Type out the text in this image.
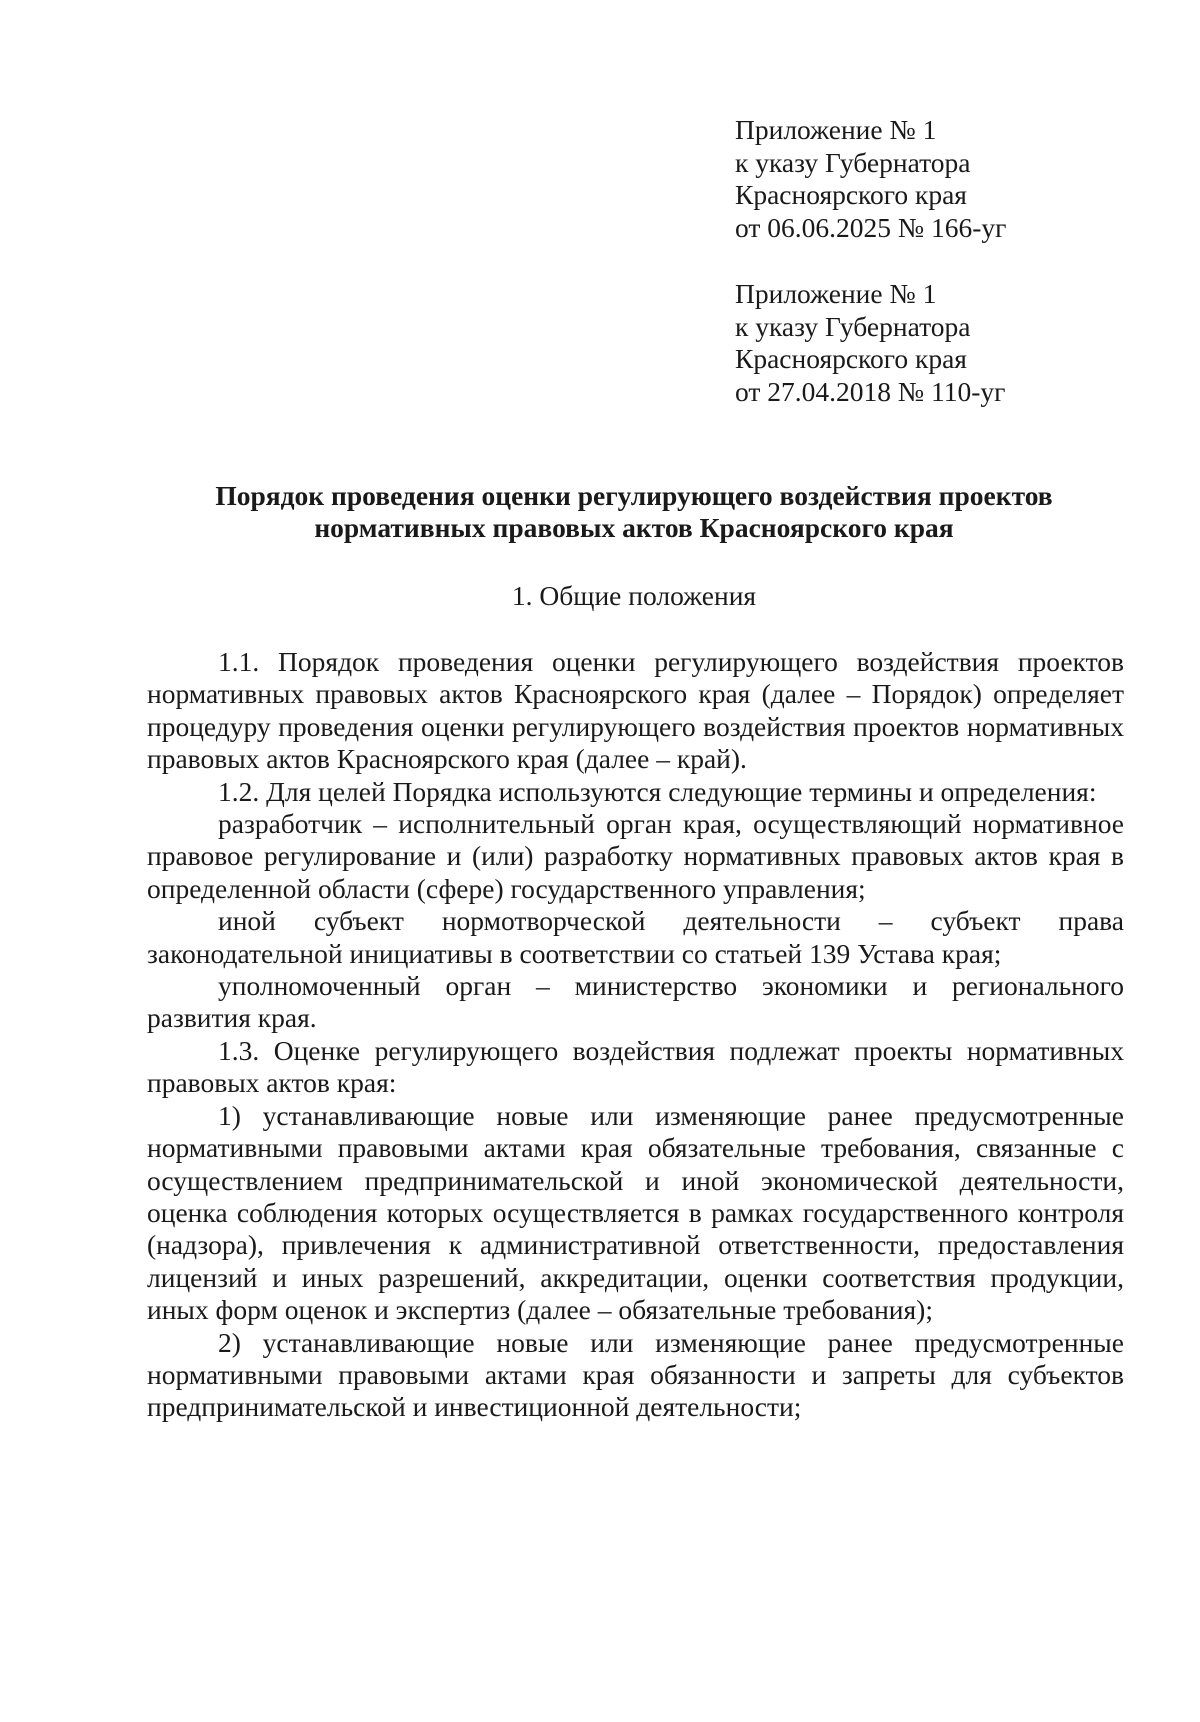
Приложение № 1
к указу Губернатора
Красноярского края
от 06.06.2025 № 166-уг
Приложение № 1
к указу Губернатора
Красноярского края
от 27.04.2018 № 110-уг
Порядок проведения оценки регулирующего воздействия проектов
нормативных правовых актов Красноярского края
1. Общие положения

1.1. Порядок проведения оценки регулирующего воздействия проектов нормативных правовых актов Красноярского края (далее – Порядок) определяет процедуру проведения оценки регулирующего воздействия проектов нормативных правовых актов Красноярского края (далее – край).

1.2. Для целей Порядка используются следующие термины и определения:

разработчик – исполнительный орган края, осуществляющий нормативное правовое регулирование и (или) разработку нормативных правовых актов края в определенной области (сфере) государственного управления;

иной субъект нормотворческой деятельности – субъект права законодательной инициативы в соответствии со статьей 139 Устава края;

уполномоченный орган – министерство экономики и регионального развития края.

1.3. Оценке регулирующего воздействия подлежат проекты нормативных правовых актов края:

1) устанавливающие новые или изменяющие ранее предусмотренные нормативными правовыми актами края обязательные требования, связанные с осуществлением предпринимательской и иной экономической деятельности, оценка соблюдения которых осуществляется в рамках государственного контроля (надзора), привлечения к административной ответственности, предоставления лицензий и иных разрешений, аккредитации, оценки соответствия продукции, иных форм оценок и экспертиз (далее – обязательные требования);

2) устанавливающие новые или изменяющие ранее предусмотренные нормативными правовыми актами края обязанности и запреты для субъектов предпринимательской и инвестиционной деятельности;
